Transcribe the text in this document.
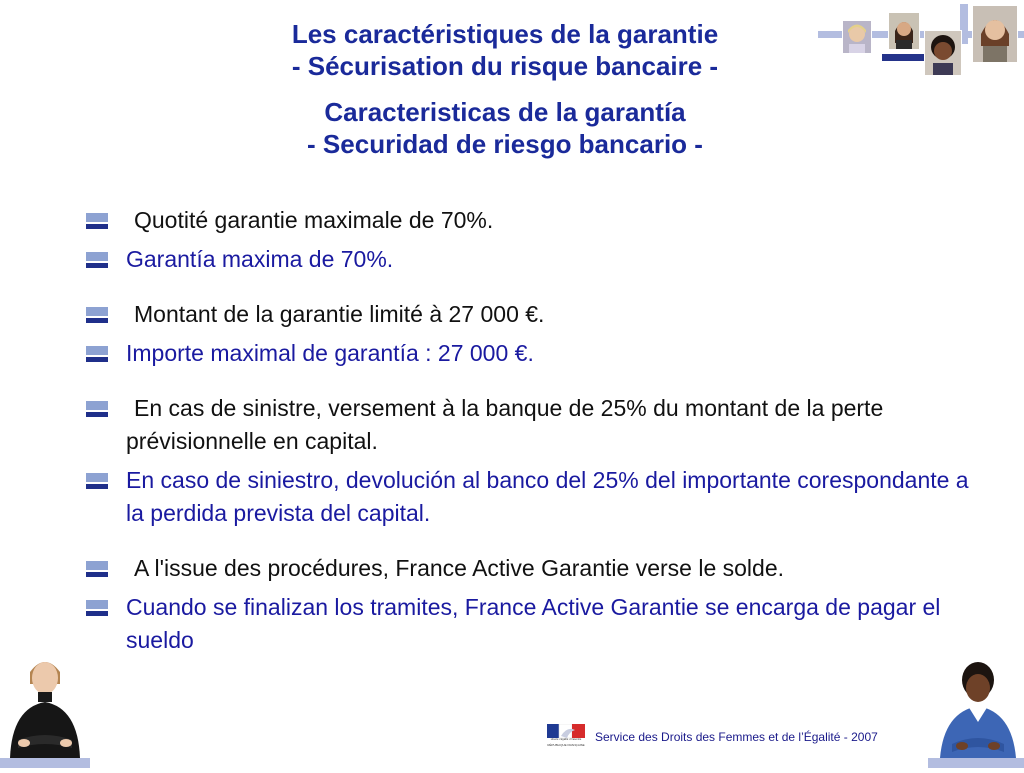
Les caractéristiques de la garantie
- Sécurisation du risque bancaire -
Caracteristicas de la garantía
- Securidad de riesgo bancario -
Quotité garantie maximale de 70%.
Garantía maxima de 70%.
Montant de la garantie limité à 27 000 €.
Importe maximal de garantía : 27 000 €.
En cas de sinistre, versement à la banque de 25% du montant de la perte prévisionnelle en capital.
En caso de siniestro, devolución al banco del 25% del importante corespondante a la perdida prevista del capital.
A l'issue des procédures, France Active Garantie verse le solde.
Cuando se finalizan los tramites, France Active Garantie se encarga de pagar el sueldo
Liberté • Égalité • Fraternité
RÉPUBLIQUE FRANÇAISE
Service des Droits des Femmes et de l’Égalité - 2007
